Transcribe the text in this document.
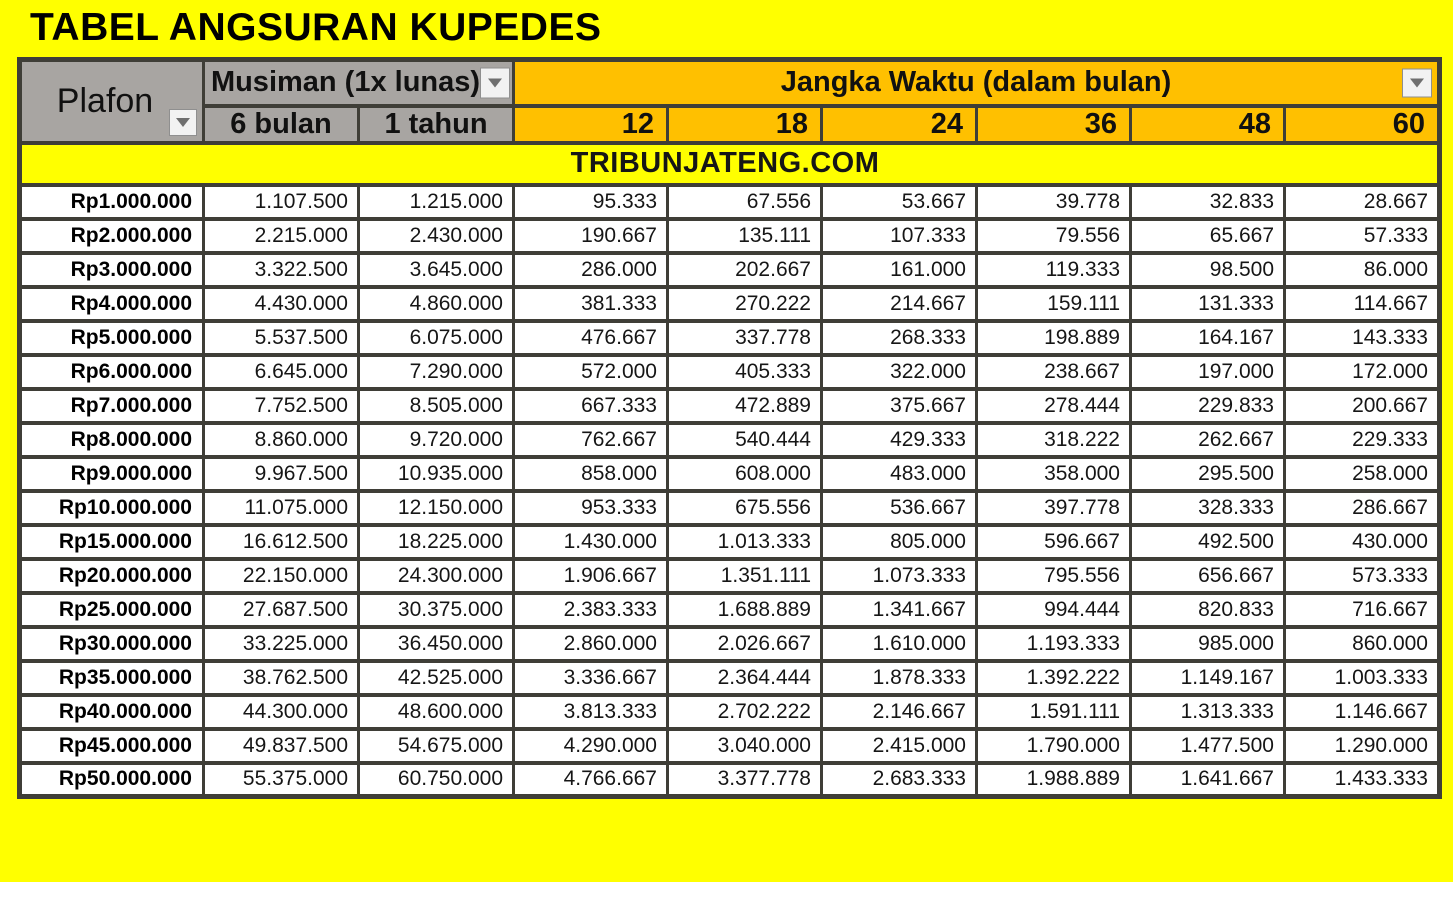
TABEL ANGSURAN KUPEDES
Plafon	Musiman (1x lunas)		Jangka Waktu (dalam bulan)					

	6 bulan	1 tahun	12	18	24	36	48	60
TRIBUNJATENG.COM								
Rp1.000.000	1.107.500	1.215.000	95.333	67.556	53.667	39.778	32.833	28.667
Rp2.000.000	2.215.000	2.430.000	190.667	135.111	107.333	79.556	65.667	57.333
Rp3.000.000	3.322.500	3.645.000	286.000	202.667	161.000	119.333	98.500	86.000
Rp4.000.000	4.430.000	4.860.000	381.333	270.222	214.667	159.111	131.333	114.667
Rp5.000.000	5.537.500	6.075.000	476.667	337.778	268.333	198.889	164.167	143.333
Rp6.000.000	6.645.000	7.290.000	572.000	405.333	322.000	238.667	197.000	172.000
Rp7.000.000	7.752.500	8.505.000	667.333	472.889	375.667	278.444	229.833	200.667
Rp8.000.000	8.860.000	9.720.000	762.667	540.444	429.333	318.222	262.667	229.333
Rp9.000.000	9.967.500	10.935.000	858.000	608.000	483.000	358.000	295.500	258.000
Rp10.000.000	11.075.000	12.150.000	953.333	675.556	536.667	397.778	328.333	286.667
Rp15.000.000	16.612.500	18.225.000	1.430.000	1.013.333	805.000	596.667	492.500	430.000
Rp20.000.000	22.150.000	24.300.000	1.906.667	1.351.111	1.073.333	795.556	656.667	573.333
Rp25.000.000	27.687.500	30.375.000	2.383.333	1.688.889	1.341.667	994.444	820.833	716.667
Rp30.000.000	33.225.000	36.450.000	2.860.000	2.026.667	1.610.000	1.193.333	985.000	860.000
Rp35.000.000	38.762.500	42.525.000	3.336.667	2.364.444	1.878.333	1.392.222	1.149.167	1.003.333
Rp40.000.000	44.300.000	48.600.000	3.813.333	2.702.222	2.146.667	1.591.111	1.313.333	1.146.667
Rp45.000.000	49.837.500	54.675.000	4.290.000	3.040.000	2.415.000	1.790.000	1.477.500	1.290.000
Rp50.000.000	55.375.000	60.750.000	4.766.667	3.377.778	2.683.333	1.988.889	1.641.667	1.433.333
